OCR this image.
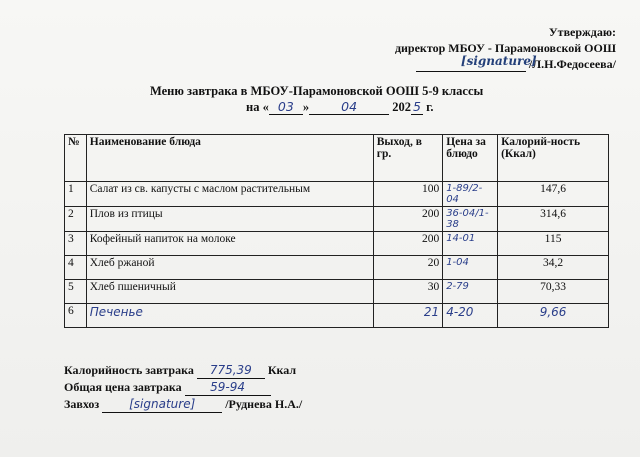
Утверждаю:
директор МБОУ - Парамоновской ООШ
[signature]
/Л.Н.Федосеева/
Меню завтрака в МБОУ-Парамоновской ООШ 5-9 классы
на « 03 »	04	202 5 г.
№	Наименование блюда	Выход, в гр.	Цена за блюдо	Калорий-ность (Ккал)
1	Салат из св. капусты с маслом растительным	100	1-89/2-04	147,6
2	Плов из птицы	200	36-04/1-38	314,6
3	Кофейный напиток на молоке	200	14-01	115
4	Хлеб ржаной	20	1-04	34,2
5	Хлеб пшеничный	30	2-79	70,33
6	Печенье	21	4-20	9,66
Калорийность завтрака 775,39 Ккал
Общая цена завтрака 59-94
Завхоз [signature] /Руднева Н.А./
